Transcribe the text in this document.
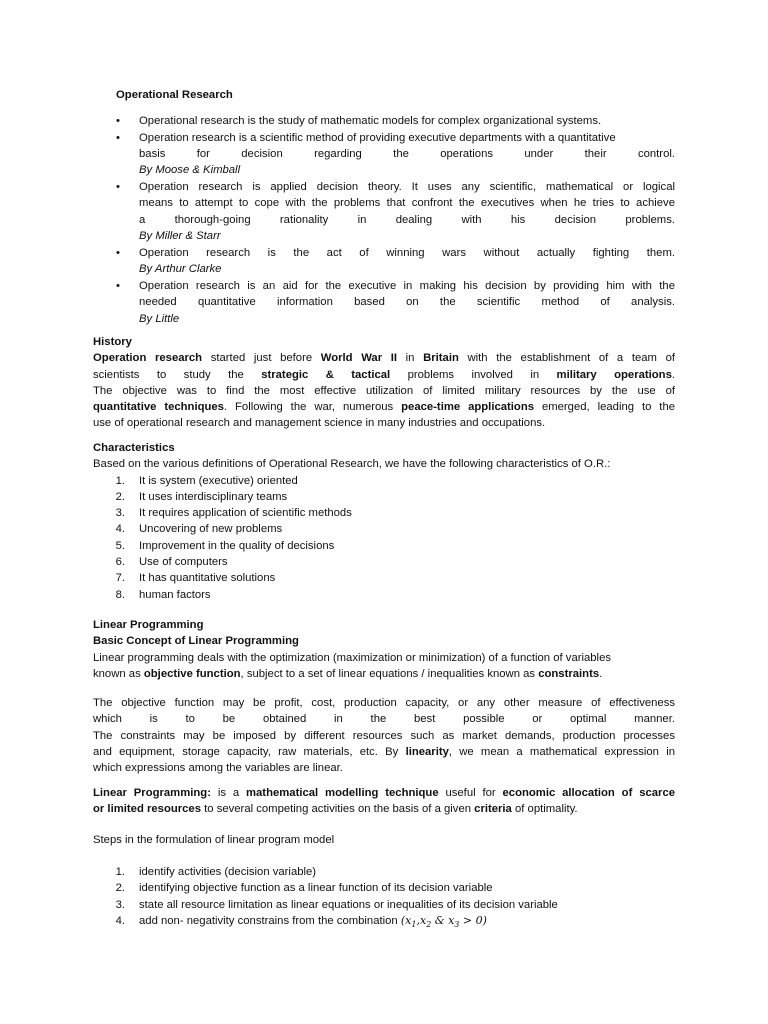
Operational Research

• Operational research is the study of mathematic models for complex organizational systems.

• Operation research is a scientific method of providing executive departments with a quantitative

basis for decision regarding the operations under their control.

By Moose & Kimball

• Operation research is applied decision theory. It uses any scientific, mathematical or logical

means to attempt to cope with the problems that confront the executives when he tries to achieve

a thorough-going rationality in dealing with his decision problems.

By Miller & Starr

• Operation research is the act of winning wars without actually fighting them.

By Arthur Clarke

• Operation research is an aid for the executive in making his decision by providing him with the

needed quantitative information based on the scientific method of analysis.

By Little

History

Operation research started just before World War II in Britain with the establishment of a team of

scientists to study the strategic & tactical problems involved in military operations.

The objective was to find the most effective utilization of limited military resources by the use of

quantitative techniques. Following the war, numerous peace-time applications emerged, leading to the

use of operational research and management science in many industries and occupations.

Characteristics

Based on the various definitions of Operational Research, we have the following characteristics of O.R.:

1. It is system (executive) oriented
2. It uses interdisciplinary teams
3. It requires application of scientific methods
4. Uncovering of new problems
5. Improvement in the quality of decisions
6. Use of computers
7. It has quantitative solutions
8. human factors

Linear Programming

Basic Concept of Linear Programming

Linear programming deals with the optimization (maximization or minimization) of a function of variables

known as objective function, subject to a set of linear equations / inequalities known as constraints.

The objective function may be profit, cost, production capacity, or any other measure of effectiveness

which is to be obtained in the best possible or optimal manner.

The constraints may be imposed by different resources such as market demands, production processes

and equipment, storage capacity, raw materials, etc. By linearity, we mean a mathematical expression in

which expressions among the variables are linear.

Linear Programming: is a mathematical modelling technique useful for economic allocation of scarce

or limited resources to several competing activities on the basis of a given criteria of optimality.

Steps in the formulation of linear program model

1. identify activities (decision variable)
2. identifying objective function as a linear function of its decision variable
3. state all resource limitation as linear equations or inequalities of its decision variable
4. add non- negativity constrains from the combination ($x_1,x_2$ & $x_3 > 0$)
